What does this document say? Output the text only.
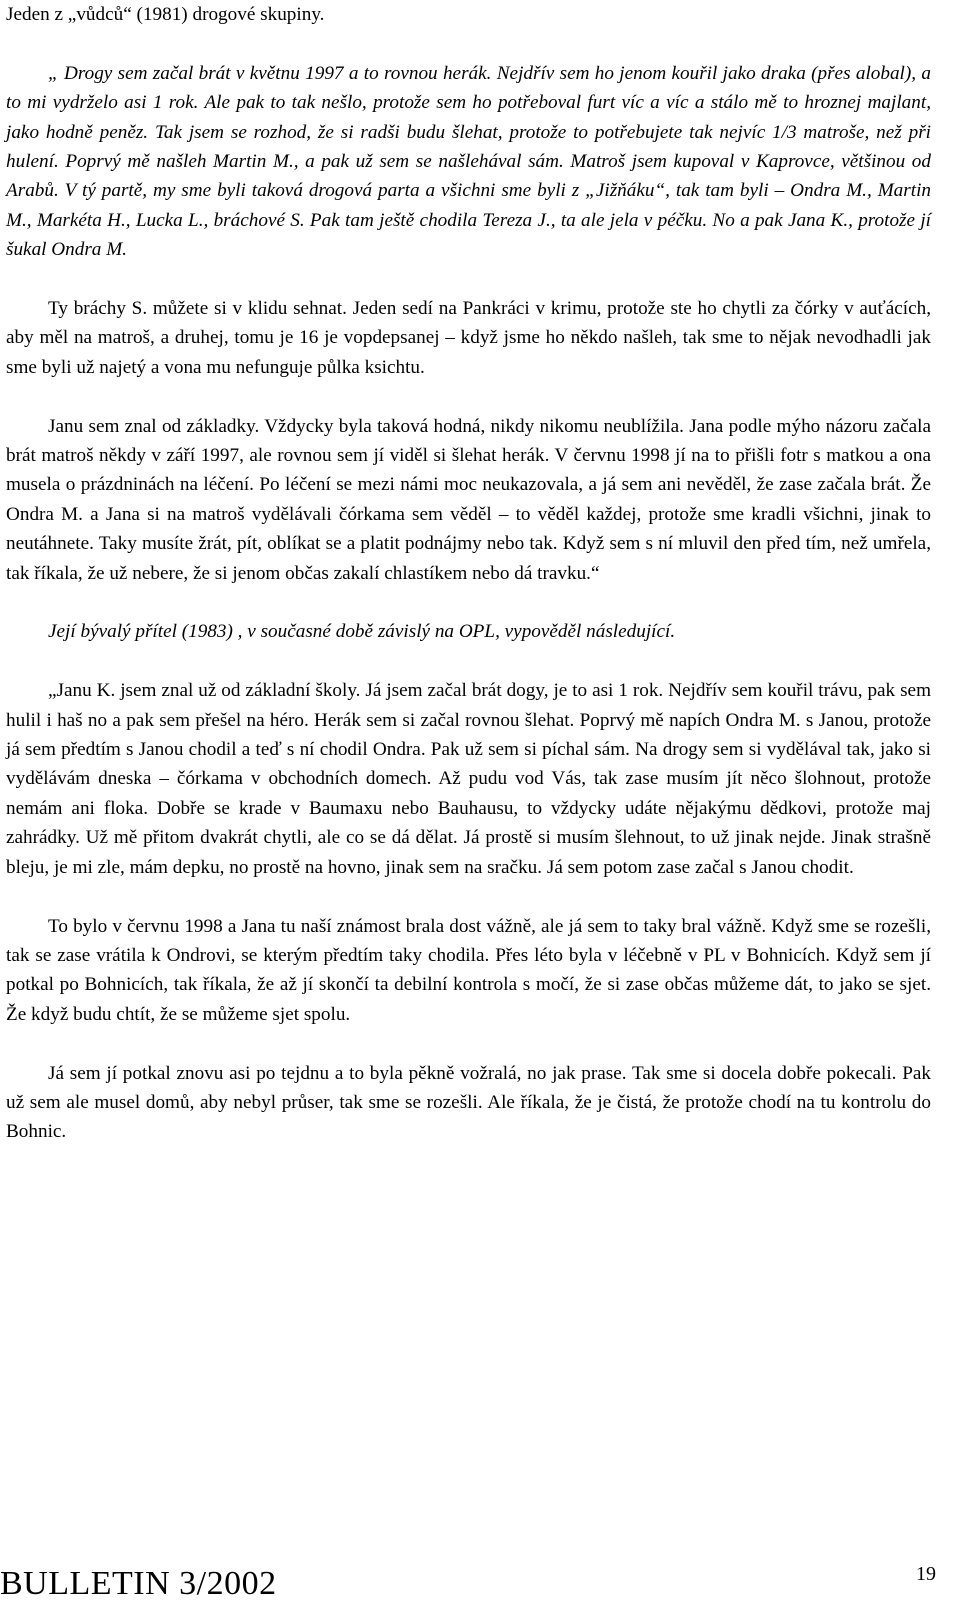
Jeden z „vůdců“ (1981) drogové skupiny.

„ Drogy sem začal brát v květnu 1997 a to rovnou herák. Nejdřív sem ho jenom kouřil jako draka (přes alobal), a to mi vydrželo asi 1 rok. Ale pak to tak nešlo, protože sem ho potřeboval furt víc a víc a stálo mě to hroznej majlant, jako hodně peněz. Tak jsem se rozhod, že si radši budu šlehat, protože to potřebujete tak nejvíc 1/3 matroše, než při hulení. Poprvý mě našleh Martin M., a pak už sem se našlehával sám. Matroš jsem kupoval v Kaprovce, většinou od Arabů. V tý partě, my sme byli taková drogová parta a všichni sme byli z „Jižňáku“, tak tam byli – Ondra M., Martin M., Markéta H., Lucka L., bráchové S. Pak tam ještě chodila Tereza J., ta ale jela v péčku. No a pak Jana K., protože jí šukal Ondra M.

Ty bráchy S. můžete si v klidu sehnat. Jeden sedí na Pankráci v krimu, protože ste ho chytli za čórky v auťácích, aby měl na matroš, a druhej, tomu je 16 je vopdepsanej – když jsme ho někdo našleh, tak sme to nějak nevodhadli jak sme byli už najetý a vona mu nefunguje půlka ksichtu.

Janu sem znal od základky. Vždycky byla taková hodná, nikdy nikomu neublížila. Jana podle mýho názoru začala brát matroš někdy v září 1997, ale rovnou sem jí viděl si šlehat herák. V červnu 1998 jí na to přišli fotr s matkou a ona musela o prázdninách na léčení. Po léčení se mezi námi moc neukazovala, a já sem ani nevěděl, že zase začala brát. Že Ondra M. a Jana si na matroš vydělávali čórkama sem věděl – to věděl každej, protože sme kradli všichni, jinak to neutáhnete. Taky musíte žrát, pít, oblíkat se a platit podnájmy nebo tak. Když sem s ní mluvil den před tím, než umřela, tak říkala, že už nebere, že si jenom občas zakalí chlastíkem nebo dá travku.“

Její bývalý přítel (1983) , v současné době závislý na OPL, vypověděl následující.

„Janu K. jsem znal už od základní školy. Já jsem začal brát dogy, je to asi 1 rok. Nejdřív sem kouřil trávu, pak sem hulil i haš no a pak sem přešel na héro. Herák sem si začal rovnou šlehat. Poprvý mě napích Ondra M. s Janou, protože já sem předtím s Janou chodil a teď s ní chodil Ondra. Pak už sem si píchal sám. Na drogy sem si vydělával tak, jako si vydělávám dneska – čórkama v obchodních domech. Až pudu vod Vás, tak zase musím jít něco šlohnout, protože nemám ani floka. Dobře se krade v Baumaxu nebo Bauhausu, to vždycky udáte nějakýmu dědkovi, protože maj zahrádky. Už mě přitom dvakrát chytli, ale co se dá dělat. Já prostě si musím šlehnout, to už jinak nejde. Jinak strašně bleju, je mi zle, mám depku, no prostě na hovno, jinak sem na sračku. Já sem potom zase začal s Janou chodit.

To bylo v červnu 1998 a Jana tu naší známost brala dost vážně, ale já sem to taky bral vážně. Když sme se rozešli, tak se zase vrátila k Ondrovi, se kterým předtím taky chodila. Přes léto byla v léčebně v PL v Bohnicích. Když sem jí potkal po Bohnicích, tak říkala, že až jí skončí ta debilní kontrola s močí, že si zase občas můžeme dát, to jako se sjet. Že když budu chtít, že se můžeme sjet spolu.

Já sem jí potkal znovu asi po tejdnu a to byla pěkně vožralá, no jak prase. Tak sme si docela dobře pokecali. Pak už sem ale musel domů, aby nebyl průser, tak sme se rozešli. Ale říkala, že je čistá, že protože chodí na tu kontrolu do Bohnic.

BULLETIN 3/2002	19
